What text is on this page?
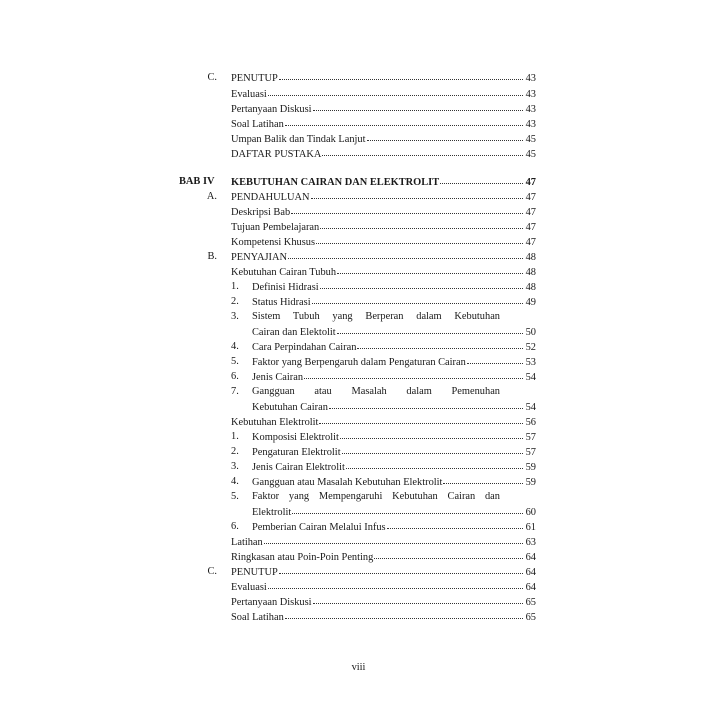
C. PENUTUP	43
Evaluasi	43
Pertanyaan Diskusi	43
Soal Latihan	43
Umpan Balik dan Tindak Lanjut	45
DAFTAR PUSTAKA	45
BAB IV KEBUTUHAN CAIRAN DAN ELEKTROLIT	47
A. PENDAHULUAN	47
Deskripsi Bab	47
Tujuan Pembelajaran	47
Kompetensi Khusus	47
B. PENYAJIAN	48
Kebutuhan Cairan Tubuh	48
1. Definisi Hidrasi	48
2. Status Hidrasi	49
3. Sistem Tubuh yang Berperan dalam Kebutuhan
Cairan dan Elektolit	50
4. Cara Perpindahan Cairan	52
5. Faktor yang Berpengaruh dalam Pengaturan Cairan	53
6. Jenis Cairan	54
7. Gangguan atau Masalah dalam Pemenuhan
Kebutuhan Cairan	54
Kebutuhan Elektrolit	56
1. Komposisi Elektrolit	57
2. Pengaturan Elektrolit	57
3. Jenis Cairan Elektrolit	59
4. Gangguan atau Masalah Kebutuhan Elektrolit	59
5. Faktor yang Mempengaruhi Kebutuhan Cairan dan
Elektrolit	60
6. Pemberian Cairan Melalui Infus	61
Latihan	63
Ringkasan atau Poin-Poin Penting	64
C. PENUTUP	64
Evaluasi	64
Pertanyaan Diskusi	65
Soal Latihan	65
viii
